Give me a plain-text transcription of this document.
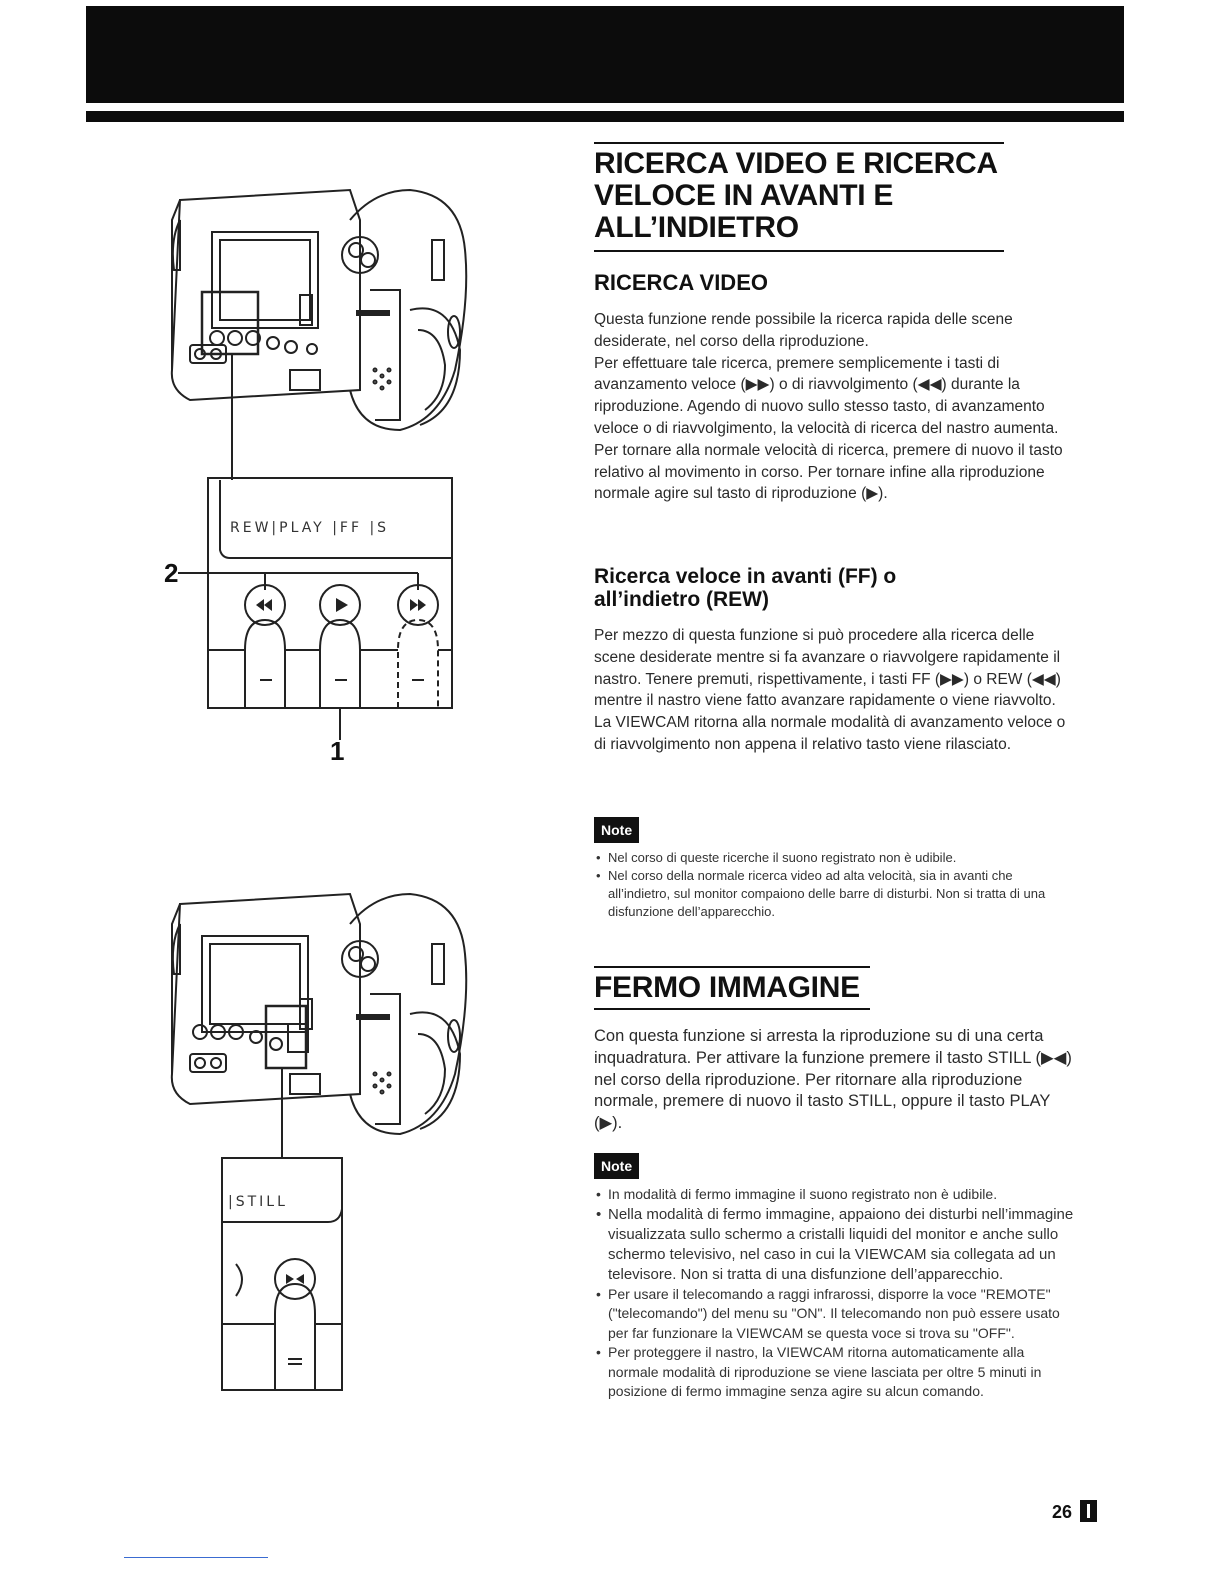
REW|PLAY |FF |S
2
1
|STILL

RICERCA VIDEO E RICERCA

VELOCE IN AVANTI E

ALL’INDIETRO

RICERCA VIDEO

Questa funzione rende possibile la ricerca rapida delle scene desiderate, nel corso della riproduzione.

Per effettuare tale ricerca, premere semplicemente i tasti di avanzamento veloce (▶▶) o di riavvolgimento (◀◀) durante la riproduzione. Agendo di nuovo sullo stesso tasto, di avanzamento veloce o di riavvolgimento, la velocità di ricerca del nastro aumenta. Per tornare alla normale velocità di ricerca, premere di nuovo il tasto relativo al movimento in corso. Per tornare infine alla riproduzione normale agire sul tasto di riproduzione (▶).

Ricerca veloce in avanti (FF) o

all’indietro (REW)

Per mezzo di questa funzione si può procedere alla ricerca delle scene desiderate mentre si fa avanzare o riavvolgere rapidamente il nastro. Tenere premuti, rispettivamente, i tasti FF (▶▶) o REW (◀◀) mentre il nastro viene fatto avanzare rapidamente o viene riavvolto. La VIEWCAM ritorna alla normale modalità di avanzamento veloce o di riavvolgimento non appena il relativo tasto viene rilasciato.

Note
• Nel corso di queste ricerche il suono registrato non è udibile.
• Nel corso della normale ricerca video ad alta velocità, sia in avanti che all’indietro, sul monitor compaiono delle barre di disturbi. Non si tratta di una disfunzione dell’apparecchio.

FERMO IMMAGINE

Con questa funzione si arresta la riproduzione su di una certa inquadratura. Per attivare la funzione premere il tasto STILL (▶◀) nel corso della riproduzione. Per ritornare alla riproduzione normale, premere di nuovo il tasto STILL, oppure il tasto PLAY (▶).

Note
• In modalità di fermo immagine il suono registrato non è udibile.
• Nella modalità di fermo immagine, appaiono dei disturbi nell’immagine visualizzata sullo schermo a cristalli liquidi del monitor e anche sullo schermo televisivo, nel caso in cui la VIEWCAM sia collegata ad un televisore. Non si tratta di una disfunzione dell’apparecchio.
• Per usare il telecomando a raggi infrarossi, disporre la voce "REMOTE" ("telecomando") del menu su "ON". Il telecomando non può essere usato per far funzionare la VIEWCAM se questa voce si trova su "OFF".
• Per proteggere il nastro, la VIEWCAM ritorna automaticamente alla normale modalità di riproduzione se viene lasciata per oltre 5 minuti in posizione di fermo immagine senza agire su alcun comando.
26
